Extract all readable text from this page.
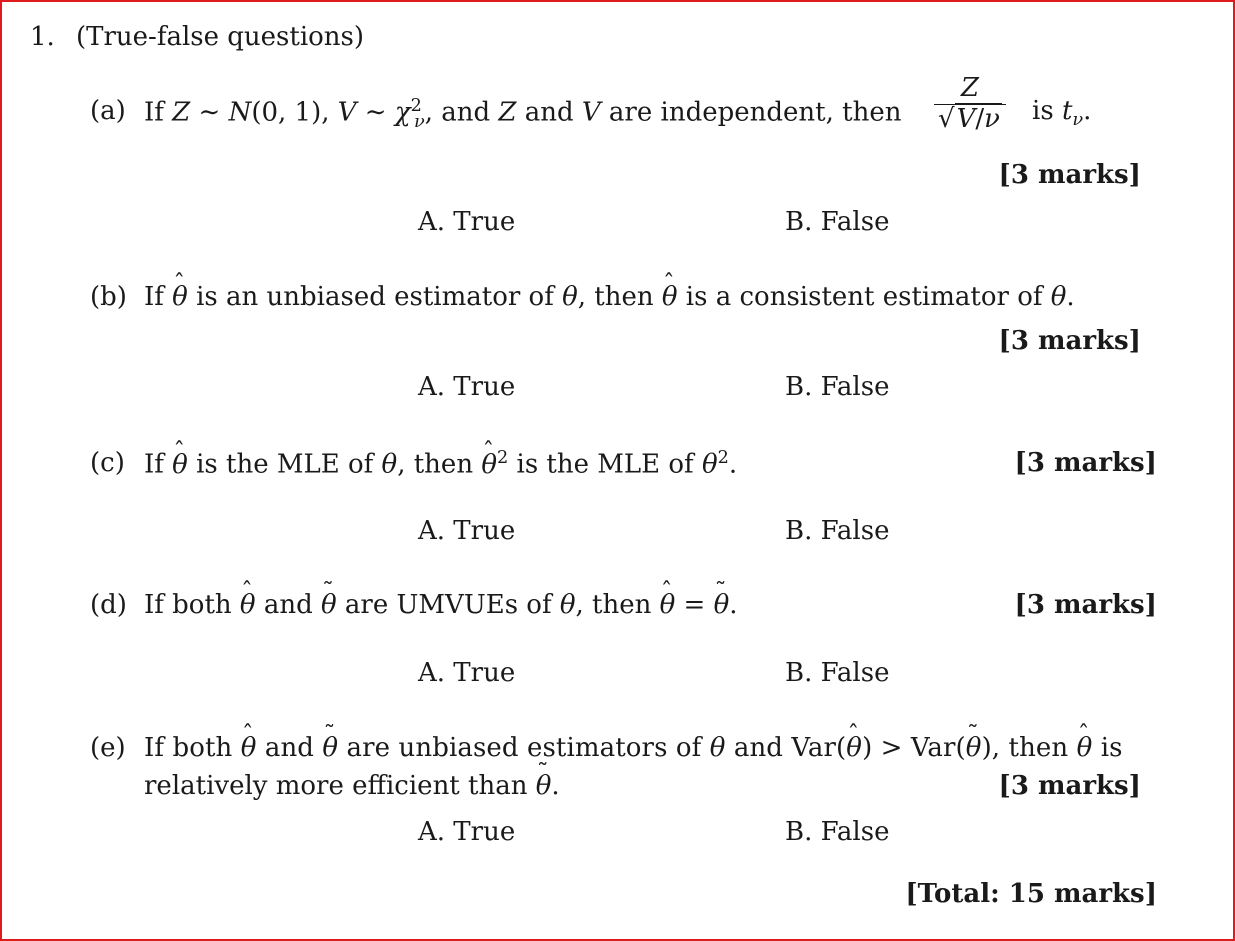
1. (True-false questions)
(a) If Z ∼ N(0, 1), V ∼ $\chi^2_\nu$, and Z and V are independent, then $\frac{Z}{√V/\nu}$ is $t_\nu$.
[3 marks]
A. True	B. False
(b) If θ ˆ is an unbiased estimator of θ, then θ ˆ is a consistent estimator of θ.
[3 marks]
A. True	B. False
(c) If θ ˆ is the MLE of θ, then θ ˆ$^2$ is the MLE of $\theta^2$.	[3 marks]
A. True	B. False
(d) If both θ ˆ and θ ˜ are UMVUEs of θ, then θ ˆ = θ ˜.	[3 marks]
A. True	B. False
(e) If both θ ˆ and θ ˜ are unbiased estimators of θ and Var(θ ˆ) > Var(θ ˜), then θ ˆ is
relatively more efficient than θ ˜.	[3 marks]
A. True	B. False
[Total: 15 marks]
